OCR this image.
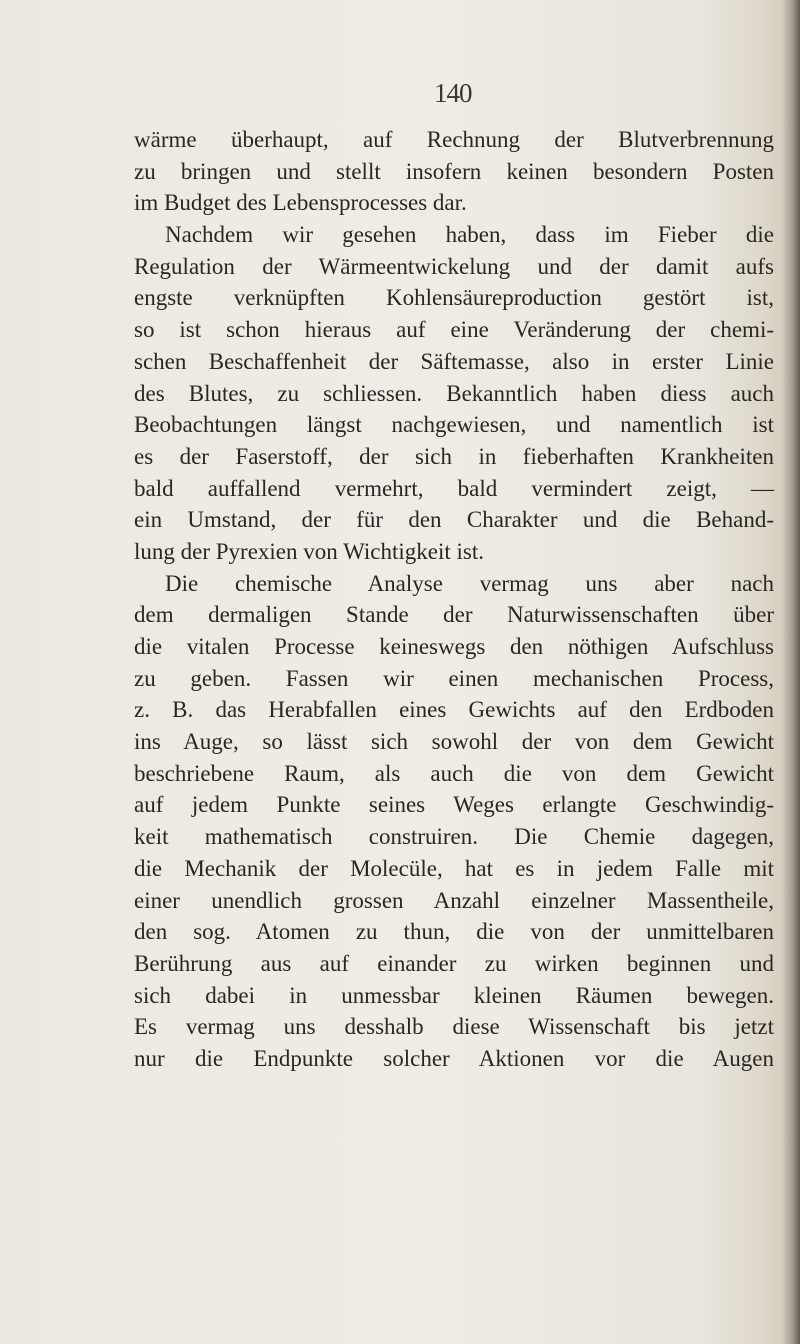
140
wärme überhaupt, auf Rechnung der Blutverbrennung
zu bringen und stellt insofern keinen besondern Posten
im Budget des Lebensprocesses dar.
Nachdem wir gesehen haben, dass im Fieber die
Regulation der Wärmeentwickelung und der damit aufs
engste verknüpften Kohlensäureproduction gestört ist,
so ist schon hieraus auf eine Veränderung der chemi-
schen Beschaffenheit der Säftemasse, also in erster Linie
des Blutes, zu schliessen. Bekanntlich haben diess auch
Beobachtungen längst nachgewiesen, und namentlich ist
es der Faserstoff, der sich in fieberhaften Krankheiten
bald auffallend vermehrt, bald vermindert zeigt, —
ein Umstand, der für den Charakter und die Behand-
lung der Pyrexien von Wichtigkeit ist.
Die chemische Analyse vermag uns aber nach
dem dermaligen Stande der Naturwissenschaften über
die vitalen Processe keineswegs den nöthigen Aufschluss
zu geben. Fassen wir einen mechanischen Process,
z. B. das Herabfallen eines Gewichts auf den Erdboden
ins Auge, so lässt sich sowohl der von dem Gewicht
beschriebene Raum, als auch die von dem Gewicht
auf jedem Punkte seines Weges erlangte Geschwindig-
keit mathematisch construiren. Die Chemie dagegen,
die Mechanik der Molecüle, hat es in jedem Falle mit
einer unendlich grossen Anzahl einzelner Massentheile,
den sog. Atomen zu thun, die von der unmittelbaren
Berührung aus auf einander zu wirken beginnen und
sich dabei in unmessbar kleinen Räumen bewegen.
Es vermag uns desshalb diese Wissenschaft bis jetzt
nur die Endpunkte solcher Aktionen vor die Augen
